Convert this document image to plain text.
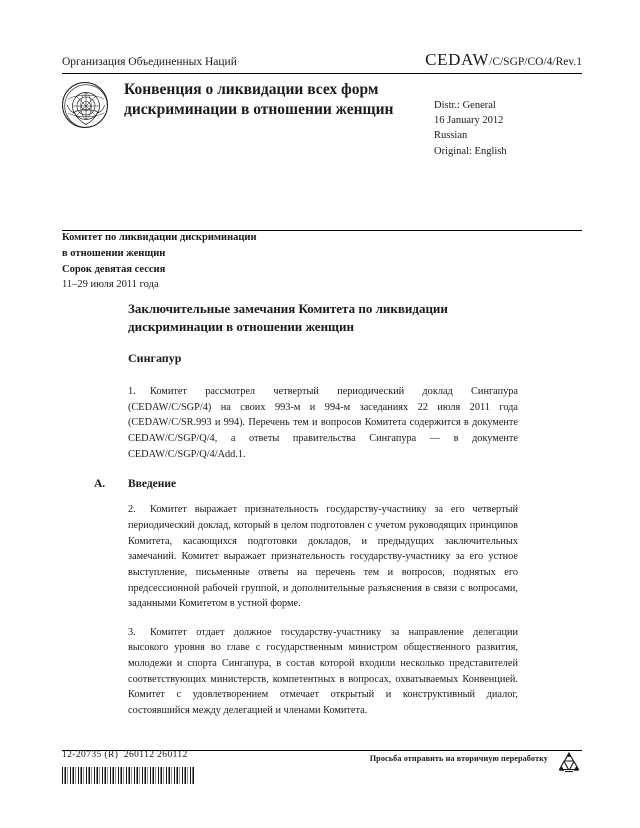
Организация Объединенных Наций	CEDAW/C/SGP/CO/4/Rev.1
Конвенция о ликвидации всех форм дискриминации в отношении женщин	Distr.: General
16 January 2012
Russian
Original: English
Комитет по ликвидации дискриминации
в отношении женщин
Сорок девятая сессия
11–29 июля 2011 года
Заключительные замечания Комитета по ликвидации дискриминации в отношении женщин
Сингапур

1. Комитет рассмотрел четвертый периодический доклад Сингапура (CEDAW/C/SGP/4) на своих 993-м и 994-м заседаниях 22 июля 2011 года (CEDAW/C/SR.993 и 994). Перечень тем и вопросов Комитета содержится в документе CEDAW/C/SGP/Q/4, а ответы правительства Сингапура — в документе CEDAW/C/SGP/Q/4/Add.1.

A.	Введение

2. Комитет выражает признательность государству-участнику за его четвертый периодический доклад, который в целом подготовлен с учетом руководящих принципов Комитета, касающихся подготовки докладов, и предыдущих заключительных замечаний. Комитет выражает признательность государству-участнику за его устное выступление, письменные ответы на перечень тем и вопросов, поднятых его предсессионной рабочей группой, и дополнительные разъяснения в связи с вопросами, заданными Комитетом в устной форме.

3. Комитет отдает должное государству-участнику за направление делегации высокого уровня во главе с государственным министром общественного развития, молодежи и спорта Сингапура, в состав которой входили несколько представителей соответствующих министерств, компетентных в вопросах, охватываемых Конвенцией. Комитет с удовлетворением отмечает открытый и конструктивный диалог, состоявшийся между делегацией и членами Комитета.

12-20735 (R) 260112 260112	Просьба отправить на вторичную переработку
